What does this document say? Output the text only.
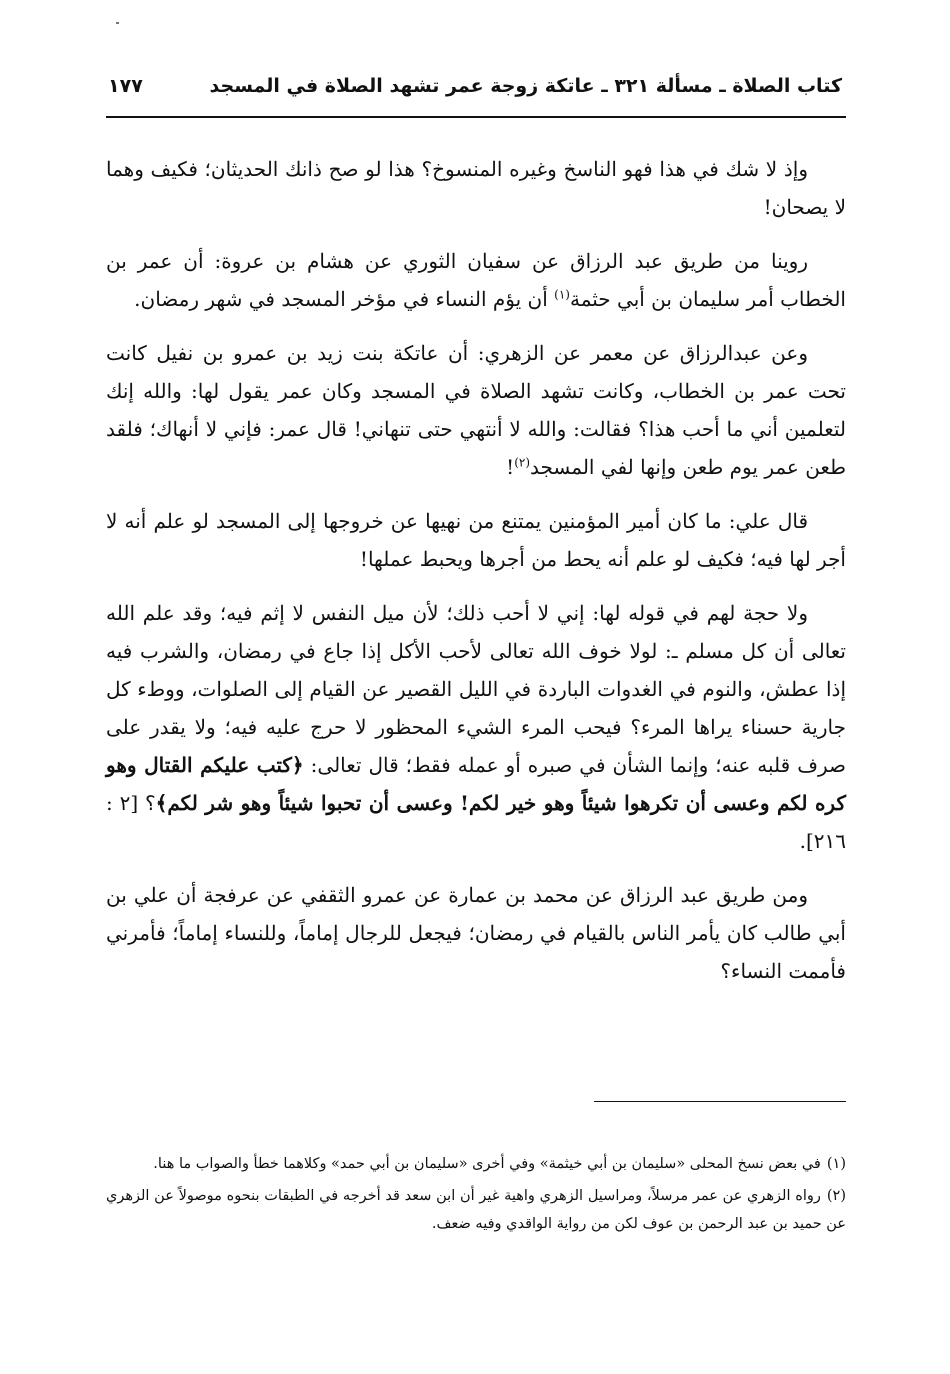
كتاب الصلاة ـ مسألة ٣٢١ ـ عاتكة زوجة عمر تشهد الصلاة في المسجد
١٧٧

وإذ لا شك في هذا فهو الناسخ وغيره المنسوخ؟ هذا لو صح ذانك الحديثان؛ فكيف وهما لا يصحان!

روينا من طريق عبد الرزاق عن سفيان الثوري عن هشام بن عروة: أن عمر بن الخطاب أمر سليمان بن أبي حثمة$^{(١)}$ أن يؤم النساء في مؤخر المسجد في شهر رمضان.

وعن عبدالرزاق عن معمر عن الزهري: أن عاتكة بنت زيد بن عمرو بن نفيل كانت تحت عمر بن الخطاب، وكانت تشهد الصلاة في المسجد وكان عمر يقول لها: والله إنك لتعلمين أني ما أحب هذا؟ فقالت: والله لا أنتهي حتى تنهاني! قال عمر: فإني لا أنهاك؛ فلقد طعن عمر يوم طعن وإنها لفي المسجد$^{(٢)}$!

قال علي: ما كان أمير المؤمنين يمتنع من نهيها عن خروجها إلى المسجد لو علم أنه لا أجر لها فيه؛ فكيف لو علم أنه يحط من أجرها ويحبط عملها!

ولا حجة لهم في قوله لها: إني لا أحب ذلك؛ لأن ميل النفس لا إثم فيه؛ وقد علم الله تعالى أن كل مسلم ـ: لولا خوف الله تعالى لأحب الأكل إذا جاع في رمضان، والشرب فيه إذا عطش، والنوم في الغدوات الباردة في الليل القصير عن القيام إلى الصلوات، ووطء كل جارية حسناء يراها المرء؟ فيحب المرء الشيء المحظور لا حرج عليه فيه؛ ولا يقدر على صرف قلبه عنه؛ وإنما الشأن في صبره أو عمله فقط؛ قال تعالى: ﴿كتب عليكم القتال وهو كره لكم وعسى أن تكرهوا شيئاً وهو خير لكم! وعسى أن تحبوا شيئاً وهو شر لكم﴾؟ [٢ : ٢١٦].

ومن طريق عبد الرزاق عن محمد بن عمارة عن عمرو الثقفي عن عرفجة أن علي بن أبي طالب كان يأمر الناس بالقيام في رمضان؛ فيجعل للرجال إماماً، وللنساء إماماً؛ فأمرني فأممت النساء؟

(١)في بعض نسخ المحلى «سليمان بن أبي خيثمة» وفي أخرى «سليمان بن أبي حمد» وكلاهما خطأ والصواب ما هنا.

(٢)رواه الزهري عن عمر مرسلاً، ومراسيل الزهري واهية غير أن ابن سعد قد أخرجه في الطبقات بنحوه موصولاً عن الزهري عن حميد بن عبد الرحمن بن عوف لكن من رواية الواقدي وفيه ضعف.
